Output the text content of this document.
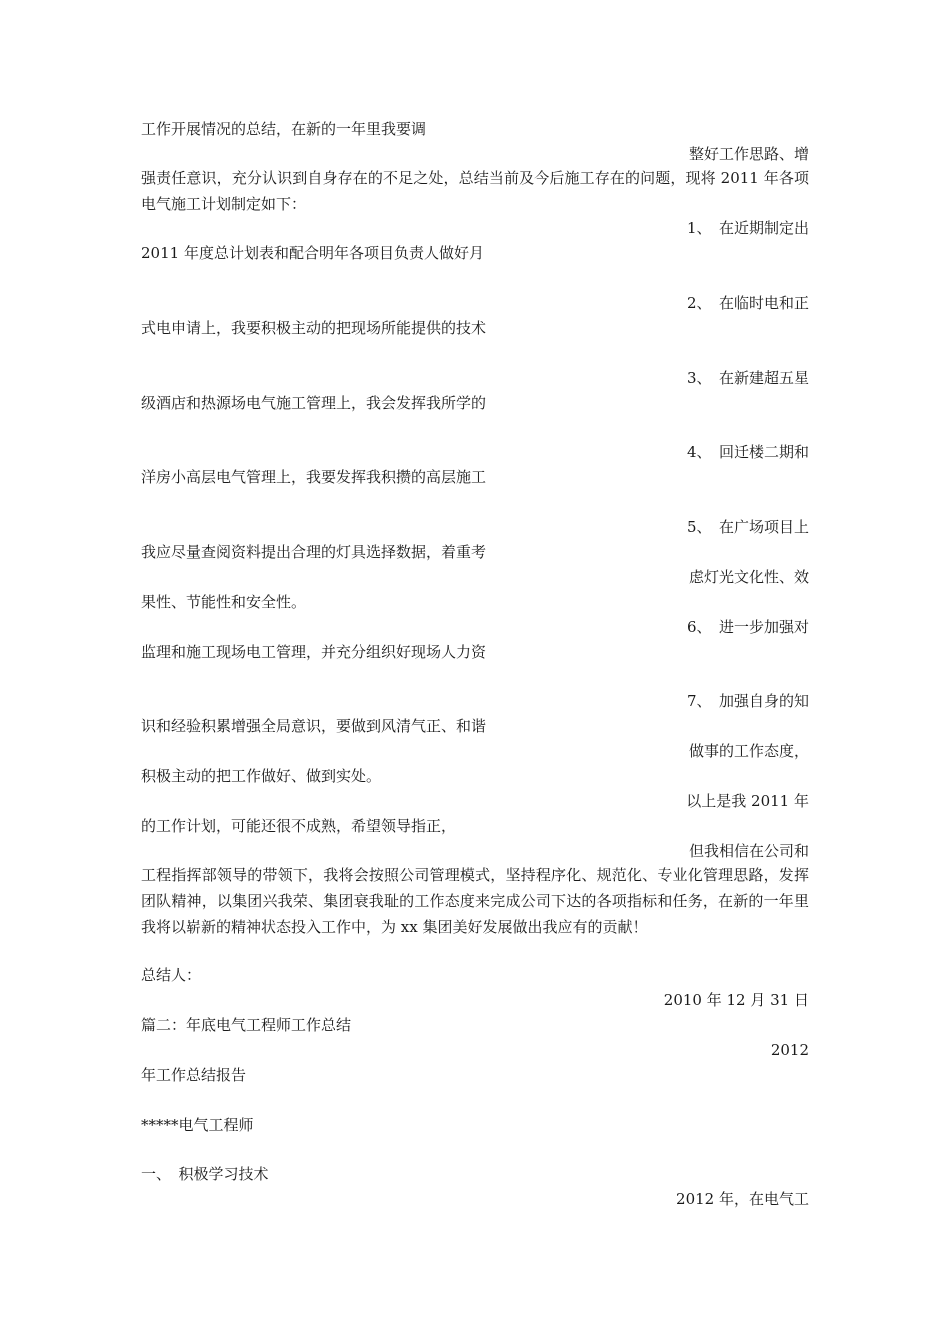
工作开展情况的总结，在新的一年里我要调
整好工作思路、增
强责任意识，充分认识到自身存在的不足之处，总结当前及今后施工存在的问题，现将 2011 年各项电气施工计划制定如下：
1、　在近期制定出
2011 年度总计划表和配合明年各项目负责人做好月
2、　在临时电和正
式电申请上，我要积极主动的把现场所能提供的技术
3、　在新建超五星
级酒店和热源场电气施工管理上，我会发挥我所学的
4、　回迁楼二期和
洋房小高层电气管理上，我要发挥我积攒的高层施工
5、　在广场项目上
我应尽量查阅资料提出合理的灯具选择数据，着重考
虑灯光文化性、效
果性、节能性和安全性。
6、　进一步加强对
监理和施工现场电工管理，并充分组织好现场人力资
7、　加强自身的知
识和经验积累增强全局意识，要做到风清气正、和谐
做事的工作态度，
积极主动的把工作做好、做到实处。
以上是我 2011 年
的工作计划，可能还很不成熟，希望领导指正，
但我相信在公司和
工程指挥部领导的带领下，我将会按照公司管理模式，坚持程序化、规范化、专业化管理思路，发挥团队精神，以集团兴我荣、集团衰我耻的工作态度来完成公司下达的各项指标和任务，在新的一年里我将以崭新的精神状态投入工作中，为 xx 集团美好发展做出我应有的贡献！
总结人：
2010 年 12 月 31 日
篇二：年底电气工程师工作总结
2012
年工作总结报告
*****电气工程师
一、　积极学习技术
2012 年，在电气工
